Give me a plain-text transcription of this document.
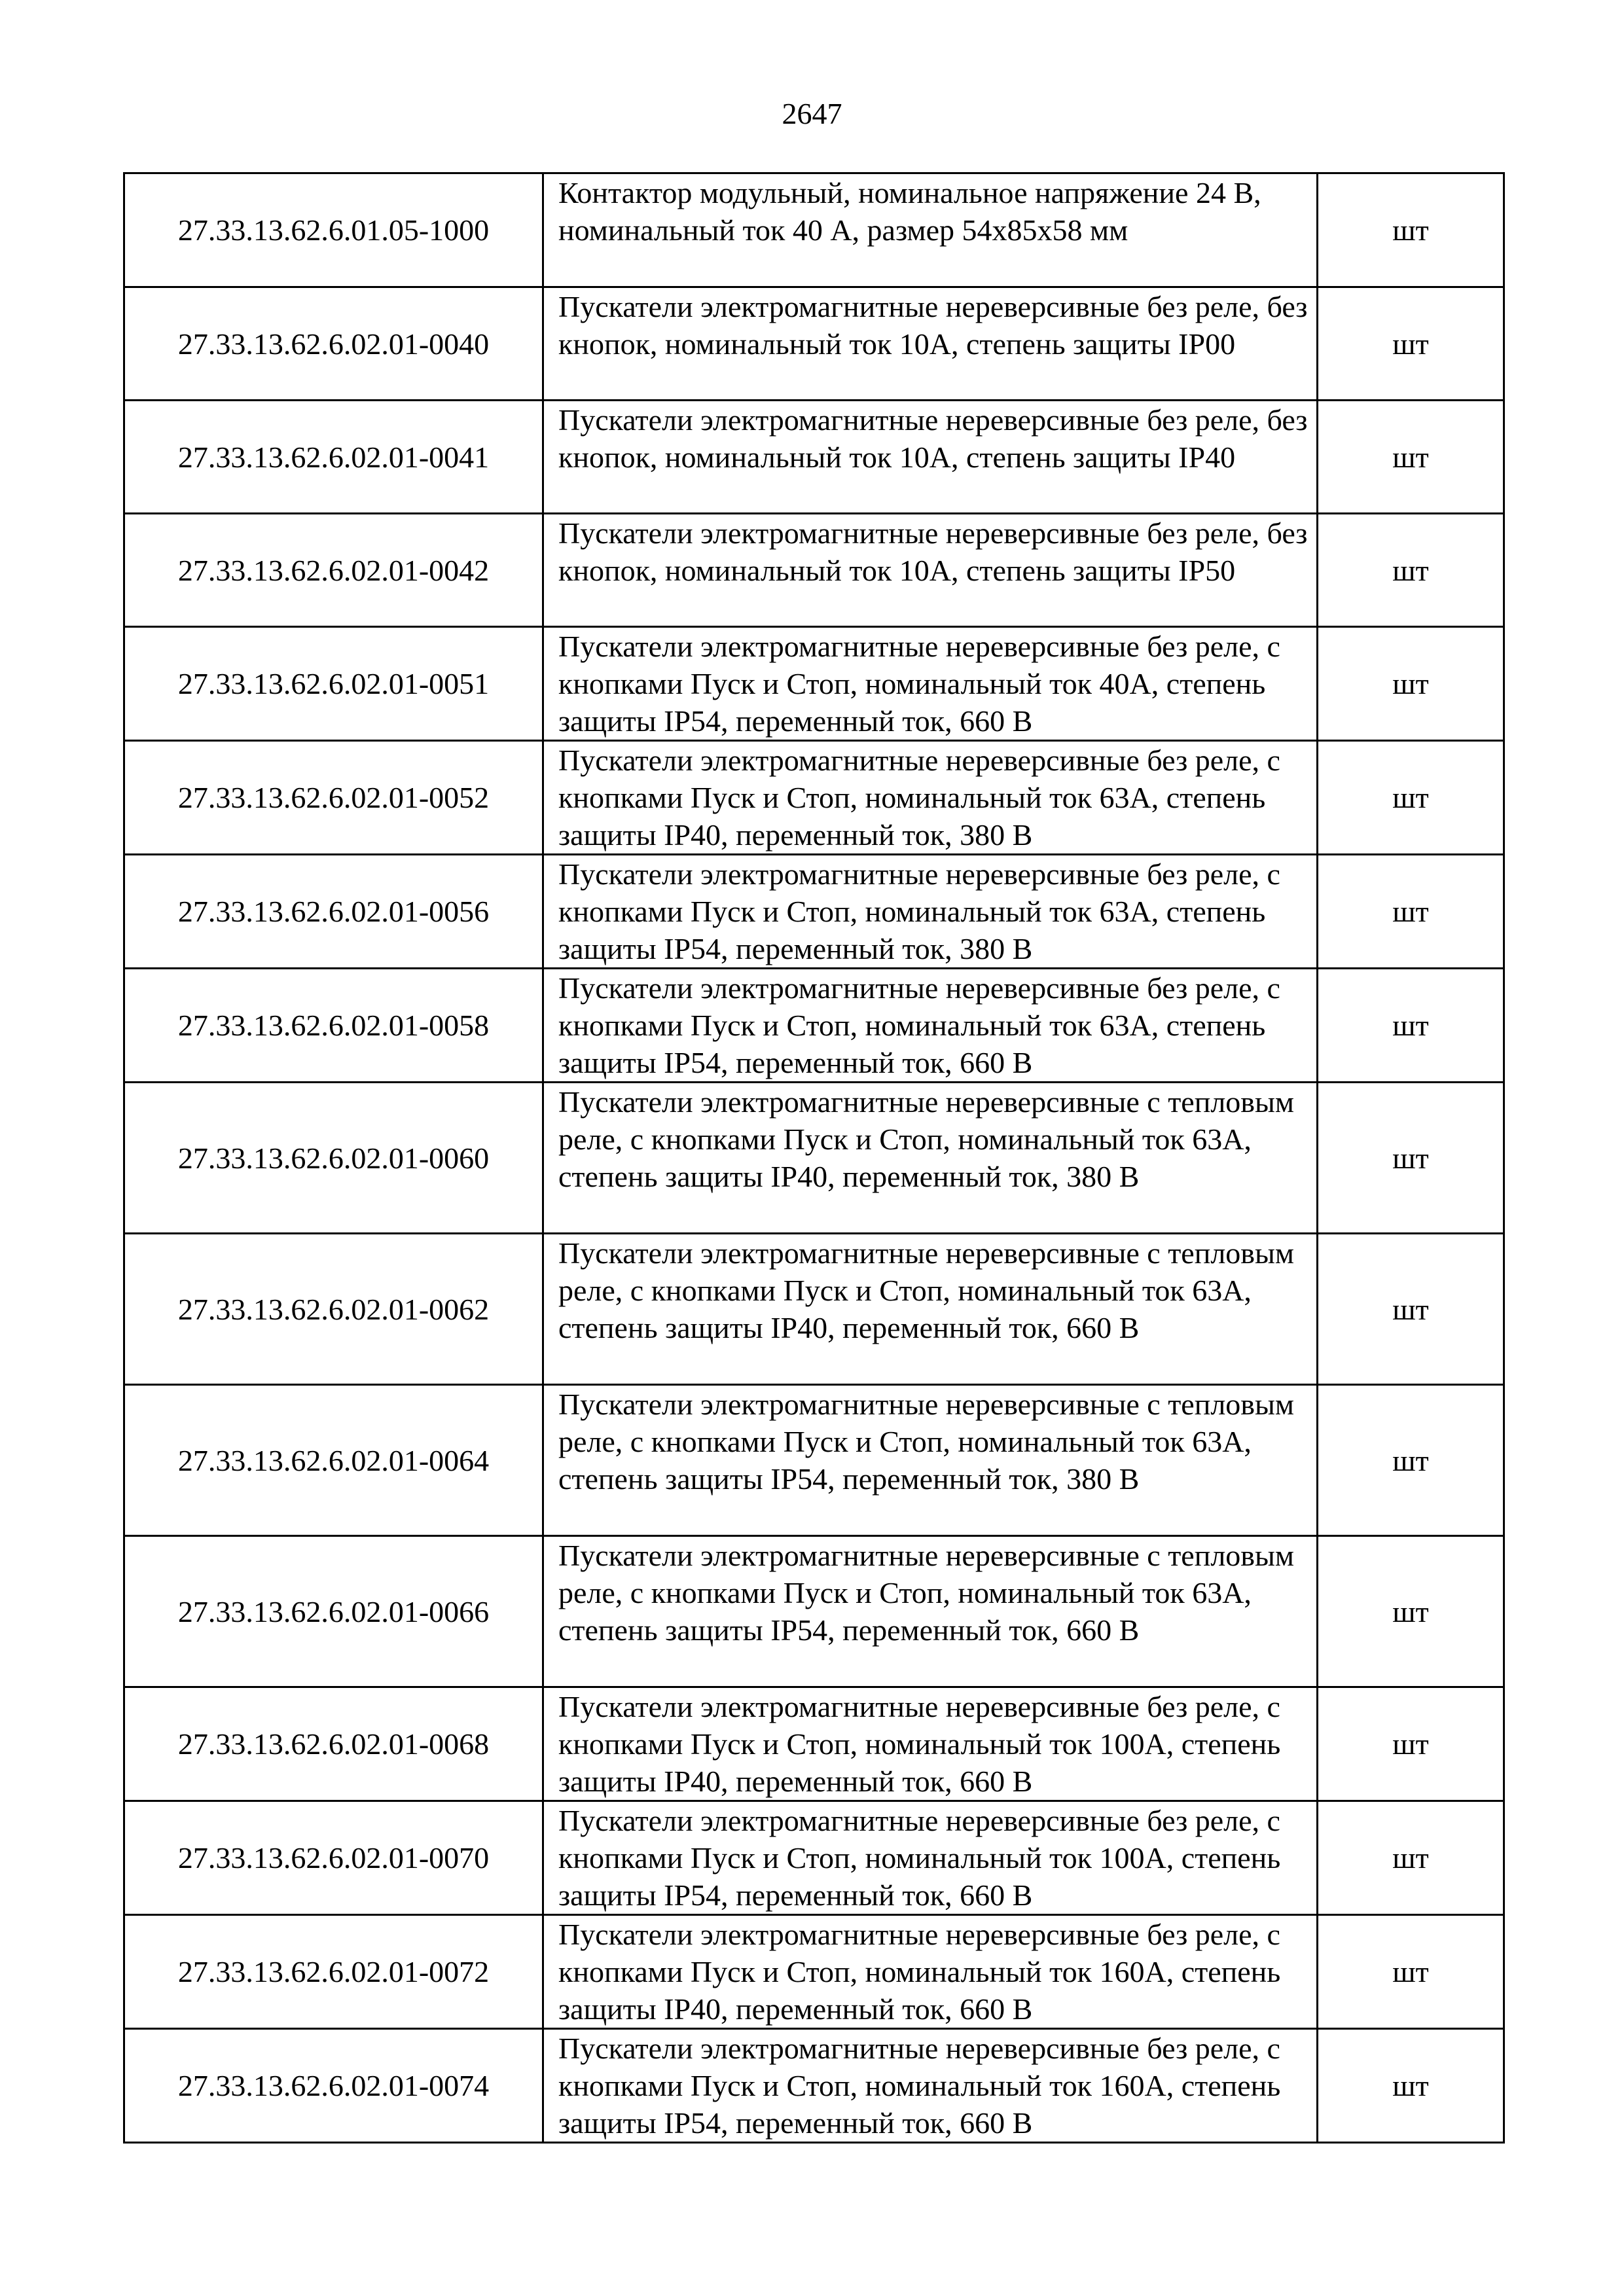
2647
27.33.13.62.6.01.05-1000	Контактор модульный, номинальное напряжение 24 В, номинальный ток 40 А, размер 54х85х58 мм	шт
27.33.13.62.6.02.01-0040	Пускатели электромагнитные нереверсивные без реле, без кнопок, номинальный ток 10А, степень защиты IP00	шт
27.33.13.62.6.02.01-0041	Пускатели электромагнитные нереверсивные без реле, без кнопок, номинальный ток 10А, степень защиты IP40	шт
27.33.13.62.6.02.01-0042	Пускатели электромагнитные нереверсивные без реле, без кнопок, номинальный ток 10А, степень защиты IP50	шт
27.33.13.62.6.02.01-0051	Пускатели электромагнитные нереверсивные без реле, с кнопками Пуск и Стоп, номинальный ток 40А, степень защиты IP54, переменный ток, 660 В	шт
27.33.13.62.6.02.01-0052	Пускатели электромагнитные нереверсивные без реле, с кнопками Пуск и Стоп, номинальный ток 63А, степень защиты IP40, переменный ток, 380 В	шт
27.33.13.62.6.02.01-0056	Пускатели электромагнитные нереверсивные без реле, с кнопками Пуск и Стоп, номинальный ток 63А, степень защиты IP54, переменный ток, 380 В	шт
27.33.13.62.6.02.01-0058	Пускатели электромагнитные нереверсивные без реле, с кнопками Пуск и Стоп, номинальный ток 63А, степень защиты IP54, переменный ток, 660 В	шт
27.33.13.62.6.02.01-0060	Пускатели электромагнитные нереверсивные с тепловым реле, с кнопками Пуск и Стоп, номинальный ток 63А, степень защиты IP40, переменный ток, 380 В	шт
27.33.13.62.6.02.01-0062	Пускатели электромагнитные нереверсивные с тепловым реле, с кнопками Пуск и Стоп, номинальный ток 63А, степень защиты IP40, переменный ток, 660 В	шт
27.33.13.62.6.02.01-0064	Пускатели электромагнитные нереверсивные с тепловым реле, с кнопками Пуск и Стоп, номинальный ток 63А, степень защиты IP54, переменный ток, 380 В	шт
27.33.13.62.6.02.01-0066	Пускатели электромагнитные нереверсивные с тепловым реле, с кнопками Пуск и Стоп, номинальный ток 63А, степень защиты IP54, переменный ток, 660 В	шт
27.33.13.62.6.02.01-0068	Пускатели электромагнитные нереверсивные без реле, с кнопками Пуск и Стоп, номинальный ток 100А, степень защиты IP40, переменный ток, 660 В	шт
27.33.13.62.6.02.01-0070	Пускатели электромагнитные нереверсивные без реле, с кнопками Пуск и Стоп, номинальный ток 100А, степень защиты IP54, переменный ток, 660 В	шт
27.33.13.62.6.02.01-0072	Пускатели электромагнитные нереверсивные без реле, с кнопками Пуск и Стоп, номинальный ток 160А, степень защиты IP40, переменный ток, 660 В	шт
27.33.13.62.6.02.01-0074	Пускатели электромагнитные нереверсивные без реле, с кнопками Пуск и Стоп, номинальный ток 160А, степень защиты IP54, переменный ток, 660 В	шт
